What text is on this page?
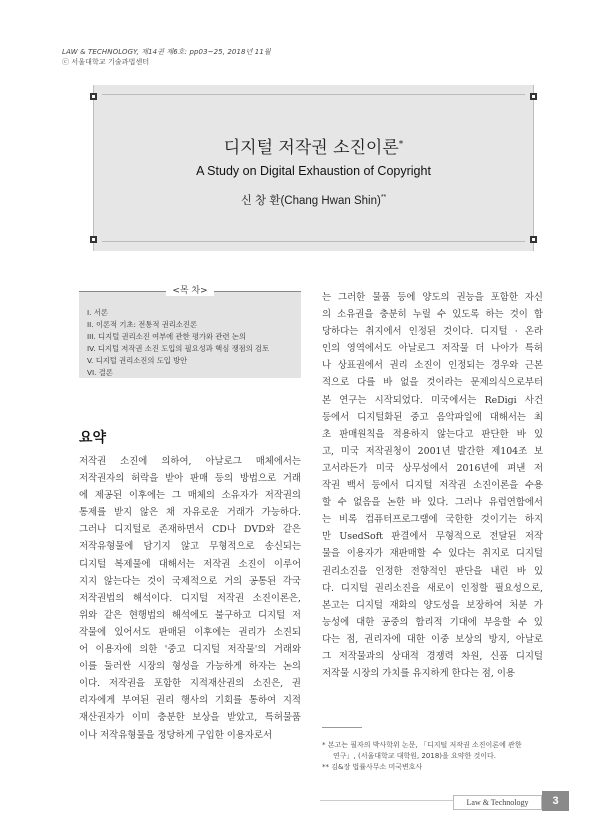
LAW & TECHNOLOGY, 제14권 제6호: pp03~25, 2018년 11월
ⓒ 서울대학교 기술과법센터
디지털 저작권 소진이론*
A Study on Digital Exhaustion of Copyright
신 창 환(Chang Hwan Shin)**
I. 서론
II. 이론적 기초: 전통적 권리소진론
III. 디지털 권리소진 여부에 관한 평가와 관련 논의
IV. 디지털 저작권 소진 도입의 필요성과 핵심 쟁점의 검토
V. 디지털 권리소진의 도입 방안
VI. 결론
<목 차>
요약
저작권 소진에 의하여, 아날로그 매체에서는
저작권자의 허락을 받아 판매 등의 방법으로 거래
에 제공된 이후에는 그 매체의 소유자가 저작권의
통제를 받지 않은 채 자유로운 거래가 가능하다.
그러나 디지털로 존재하면서 CD나 DVD와 같은
저작유형물에 담기지 않고 무형적으로 송신되는
디지털 복제물에 대해서는 저작권 소진이 이루어
지지 않는다는 것이 국제적으로 거의 공통된 각국
저작권법의 해석이다. 디지털 저작권 소진이론은,
위와 같은 현행법의 해석에도 불구하고 디지털 저
작물에 있어서도 판매된 이후에는 권리가 소진되
어 이용자에 의한 '중고 디지털 저작물'의 거래와
이를 둘러싼 시장의 형성을 가능하게 하자는 논의
이다. 저작권을 포함한 지적재산권의 소진은, 권
리자에게 부여된 권리 행사의 기회를 통하여 지적
재산권자가 이미 충분한 보상을 받았고, 특허물품
이나 저작유형물을 정당하게 구입한 이용자로서
는 그러한 물품 등에 양도의 권능을 포함한 자신
의 소유권을 충분히 누릴 수 있도록 하는 것이 합
당하다는 취지에서 인정된 것이다. 디지털 · 온라
인의 영역에서도 아날로그 저작물 더 나아가 특허
나 상표권에서 권리 소진이 인정되는 경우와 근본
적으로 다를 바 없을 것이라는 문제의식으로부터
본 연구는 시작되었다. 미국에서는 ReDigi 사건
등에서 디지털화된 중고 음악파일에 대해서는 최
초 판매원칙을 적용하지 않는다고 판단한 바 있
고, 미국 저작권청이 2001년 발간한 제104조 보
고서라든가 미국 상무성에서 2016년에 펴낸 저
작권 백서 등에서 디지털 저작권 소진이론을 수용
할 수 없음을 논한 바 있다. 그러나 유럽연합에서
는 비록 컴퓨터프로그램에 국한한 것이기는 하지
만 UsedSoft 판결에서 무형적으로 전달된 저작
물을 이용자가 재판매할 수 있다는 취지로 디지털
권리소진을 인정한 전향적인 판단을 내린 바 있
다. 디지털 권리소진을 새로이 인정할 필요성으로,
본고는 디지털 재화의 양도성을 보장하여 처분 가
능성에 대한 공중의 합리적 기대에 부응할 수 있
다는 점, 권리자에 대한 이중 보상의 방지, 아날로
그 저작물과의 상대적 경쟁력 차원, 신품 디지털
저작물 시장의 가치를 유지하게 한다는 점, 이용
* 본고는 필자의 박사학위 논문, 「디지털 저작권 소진이론에 관한
연구」, (서울대학교 대학원, 2018)을 요약한 것이다.
** 김&장 법률사무소 미국변호사
Law & Technology	3
